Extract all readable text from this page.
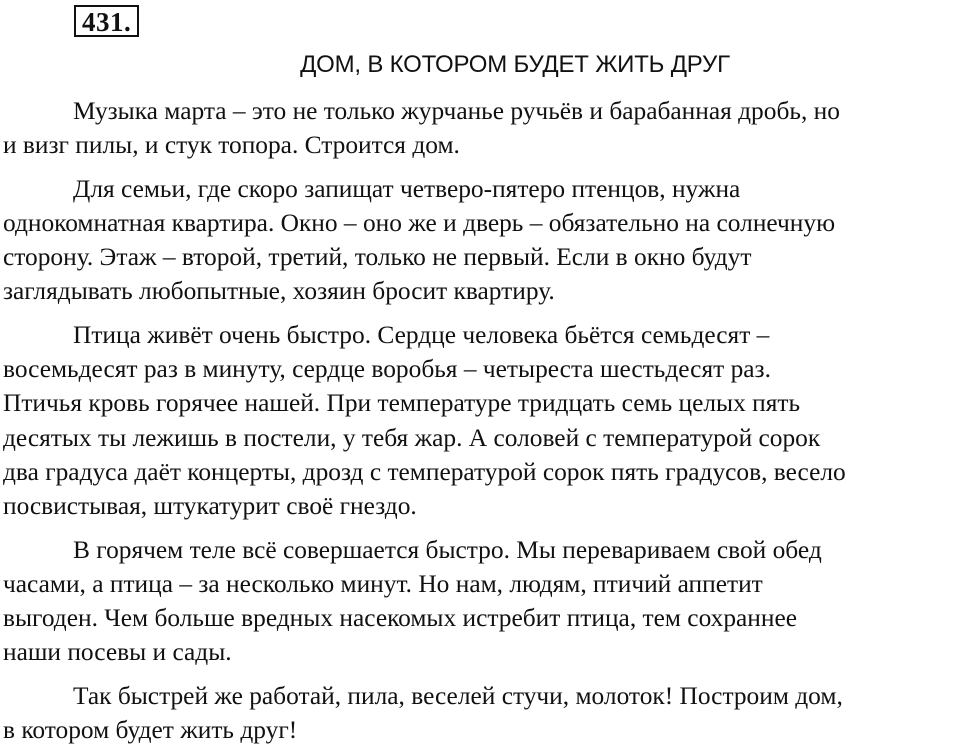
431.
ДОМ, В КОТОРОМ БУДЕТ ЖИТЬ ДРУГ

Музыка марта – это не только журчанье ручьёв и барабанная дробь, но
и визг пилы, и стук топора. Строится дом.

Для семьи, где скоро запищат четверо-пятеро птенцов, нужна
однокомнатная квартира. Окно – оно же и дверь – обязательно на солнечную
сторону. Этаж – второй, третий, только не первый. Если в окно будут
заглядывать любопытные, хозяин бросит квартиру.

Птица живёт очень быстро. Сердце человека бьётся семьдесят –
восемьдесят раз в минуту, сердце воробья – четыреста шестьдесят раз.
Птичья кровь горячее нашей. При температуре тридцать семь целых пять
десятых ты лежишь в постели, у тебя жар. А соловей с температурой сорок
два градуса даёт концерты, дрозд с температурой сорок пять градусов, весело
посвистывая, штукатурит своё гнездо.

В горячем теле всё совершается быстро. Мы перевариваем свой обед
часами, а птица – за несколько минут. Но нам, людям, птичий аппетит
выгоден. Чем больше вредных насекомых истребит птица, тем сохраннее
наши посевы и сады.

Так быстрей же работай, пила, веселей стучи, молоток! Построим дом,
в котором будет жить друг!
